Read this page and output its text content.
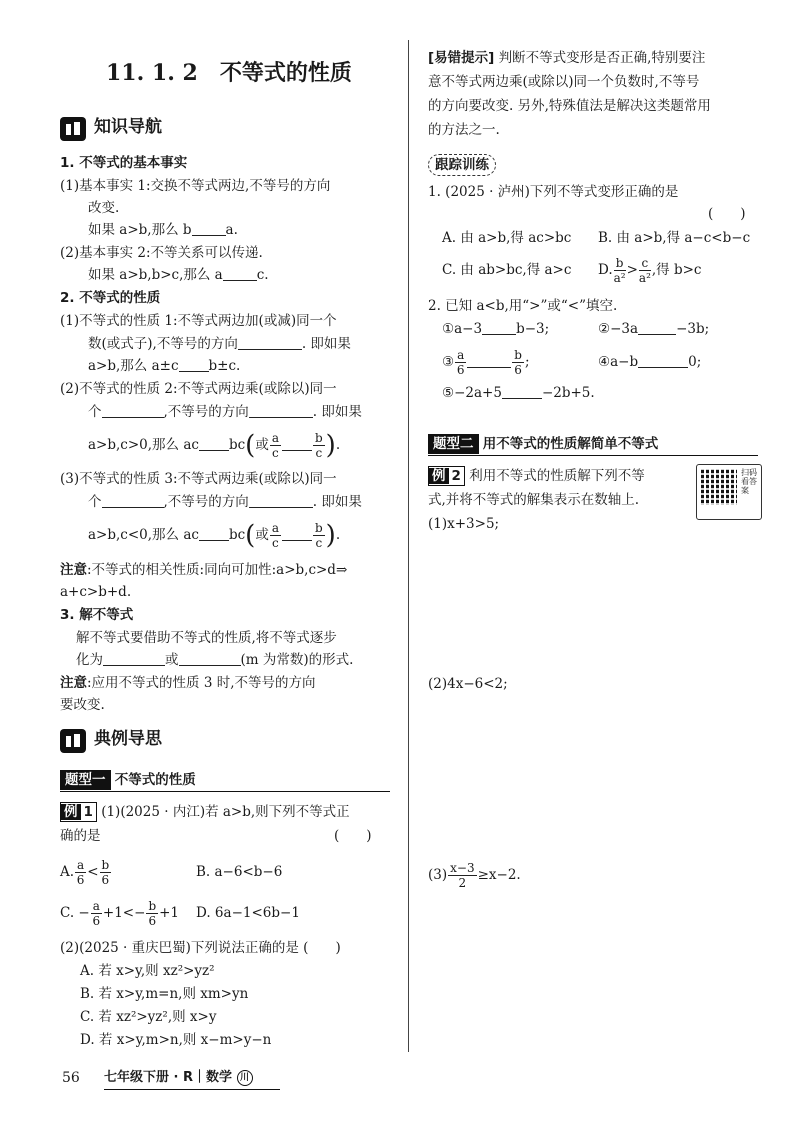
11. 1. 2　不等式的性质
知识导航
1. 不等式的基本事实
(1)基本事实 1:交换不等式两边,不等号的方向
改变.
如果 a>b,那么 b	a.
(2)基本事实 2:不等关系可以传递.
如果 a>b,b>c,那么 a	c.
2. 不等式的性质
(1)不等式的性质 1:不等式两边加(或减)同一个
数(或式子),不等号的方向	. 即如果
a>b,那么 a±c b±c.
(2)不等式的性质 2:不等式两边乘(或除以)同一
个	,不等号的方向	. 即如果
a>b,c>0,那么 ac bc(或 $\frac{a}{c}$	$\frac{b}{c}$ ).
(3)不等式的性质 3:不等式两边乘(或除以)同一
个	,不等号的方向	. 即如果
a>b,c<0,那么 ac bc(或 $\frac{a}{c}$	$\frac{b}{c}$ ).
注意:不等式的相关性质:同向可加性:a>b,c>d⇒
a+c>b+d.
3. 解不等式
解不等式要借助不等式的性质,将不等式逐步
化为	或	(m 为常数)的形式.
注意:应用不等式的性质 3 时,不等号的方向
要改变.
典例导思
题型一 不等式的性质
例 1 (1)(2025 · 内江)若 a>b,则下列不等式正
确的是	(　　)
A. $\frac{a}{6} < \frac{b}{6}$	B. a−6<b−6
C. − $\frac{a}{6} +1<- \frac{b}{6} +1$ D. 6a−1<6b−1
(2)(2025 · 重庆巴蜀)下列说法正确的是 (　　)
A. 若 x>y,则 xz²>yz²
B. 若 x>y,m=n,则 xm>yn
C. 若 xz²>yz²,则 x>y
D. 若 x>y,m>n,则 x−m>y−n
56 七年级下册 · R｜数学 川
[易错提示] 判断不等式变形是否正确,特别要注
意不等式两边乘(或除以)同一个负数时,不等号
的方向要改变. 另外,特殊值法是解决这类题常用
的方法之一.
跟踪训练
1. (2025 · 泸州)下列不等式变形正确的是
(　　)
A. 由 a>b,得 ac>bc B. 由 a>b,得 a−c<b−c
C. 由 ab>bc,得 a>c D. $\frac{b}{\text{a²}} > \frac{c}{\text{a²}}$ ,得 b>c
2. 已知 a<b,用“>”或“<”填空.
①a−3	b−3;	②−3a	−3b;
③ $\frac{a}{6}$	$\frac{b}{6}$ ;	④a−b	0;
⑤−2a+5	−2b+5.
题型二 用不等式的性质解简单不等式
例 2 利用不等式的性质解下列不等
式,并将不等式的解集表示在数轴上.
扫码看答案
(1)x+3>5;
(2)4x−6<2;
$(3) \frac{x-3}{2} \ge x-2$.
